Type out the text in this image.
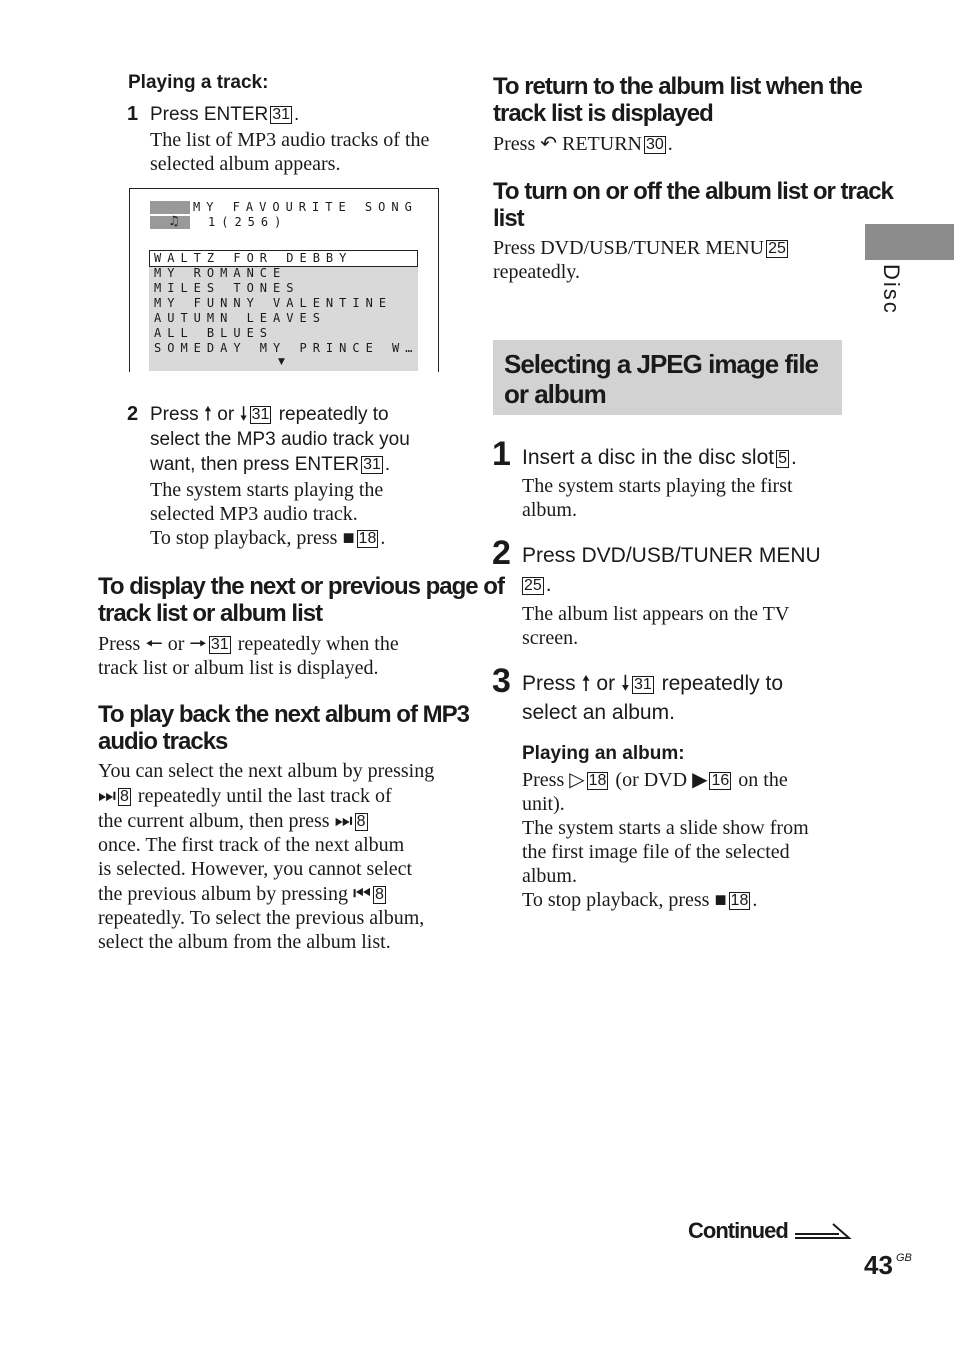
Playing a track:
1 Press ENTER 31 .
The list of MP3 audio tracks of the
selected album appears.
♫
MY FAVOURITE SONG
1(256)
WALTZ FOR DEBBY
MY ROMANCE
MILES TONES
MY FUNNY VALENTINE
AUTUMN LEAVES
ALL BLUES
SOMEDAY MY PRINCE W…
▼
2 Press 🠕 or 🠗 31 repeatedly to
select the MP3 audio track you
want, then press ENTER 31 .
The system starts playing the
selected MP3 audio track.
To stop playback, press ■ 18 .
To display the next or previous page of
track list or album list
Press 🠔 or 🠖 31 repeatedly when the
track list or album list is displayed.
To play back the next album of MP3
audio tracks
You can select the next album by pressing
⏭ 8 repeatedly until the last track of
the current album, then press ⏭ 8
once. The first track of the next album
is selected. However, you cannot select
the previous album by pressing ⏮ 8
repeatedly. To select the previous album,
select the album from the album list.
To return to the album list when the
track list is displayed
Press ↶ RETURN 30 .
To turn on or off the album list or track
list
Press DVD/USB/TUNER MENU 25
repeatedly.	Disc
Selecting a JPEG image file or album
1 Insert a disc in the disc slot 5 .
The system starts playing the first
album.
2 Press DVD/USB/TUNER MENU
25 .
The album list appears on the TV
screen.
3 Press 🠕 or 🠗 31 repeatedly to
select an album.
Playing an album:
Press ▷ 18 (or DVD ▶ 16 on the
unit).
The system starts a slide show from
the first image file of the selected
album.
To stop playback, press ■ 18 .
Continued
43 GB
